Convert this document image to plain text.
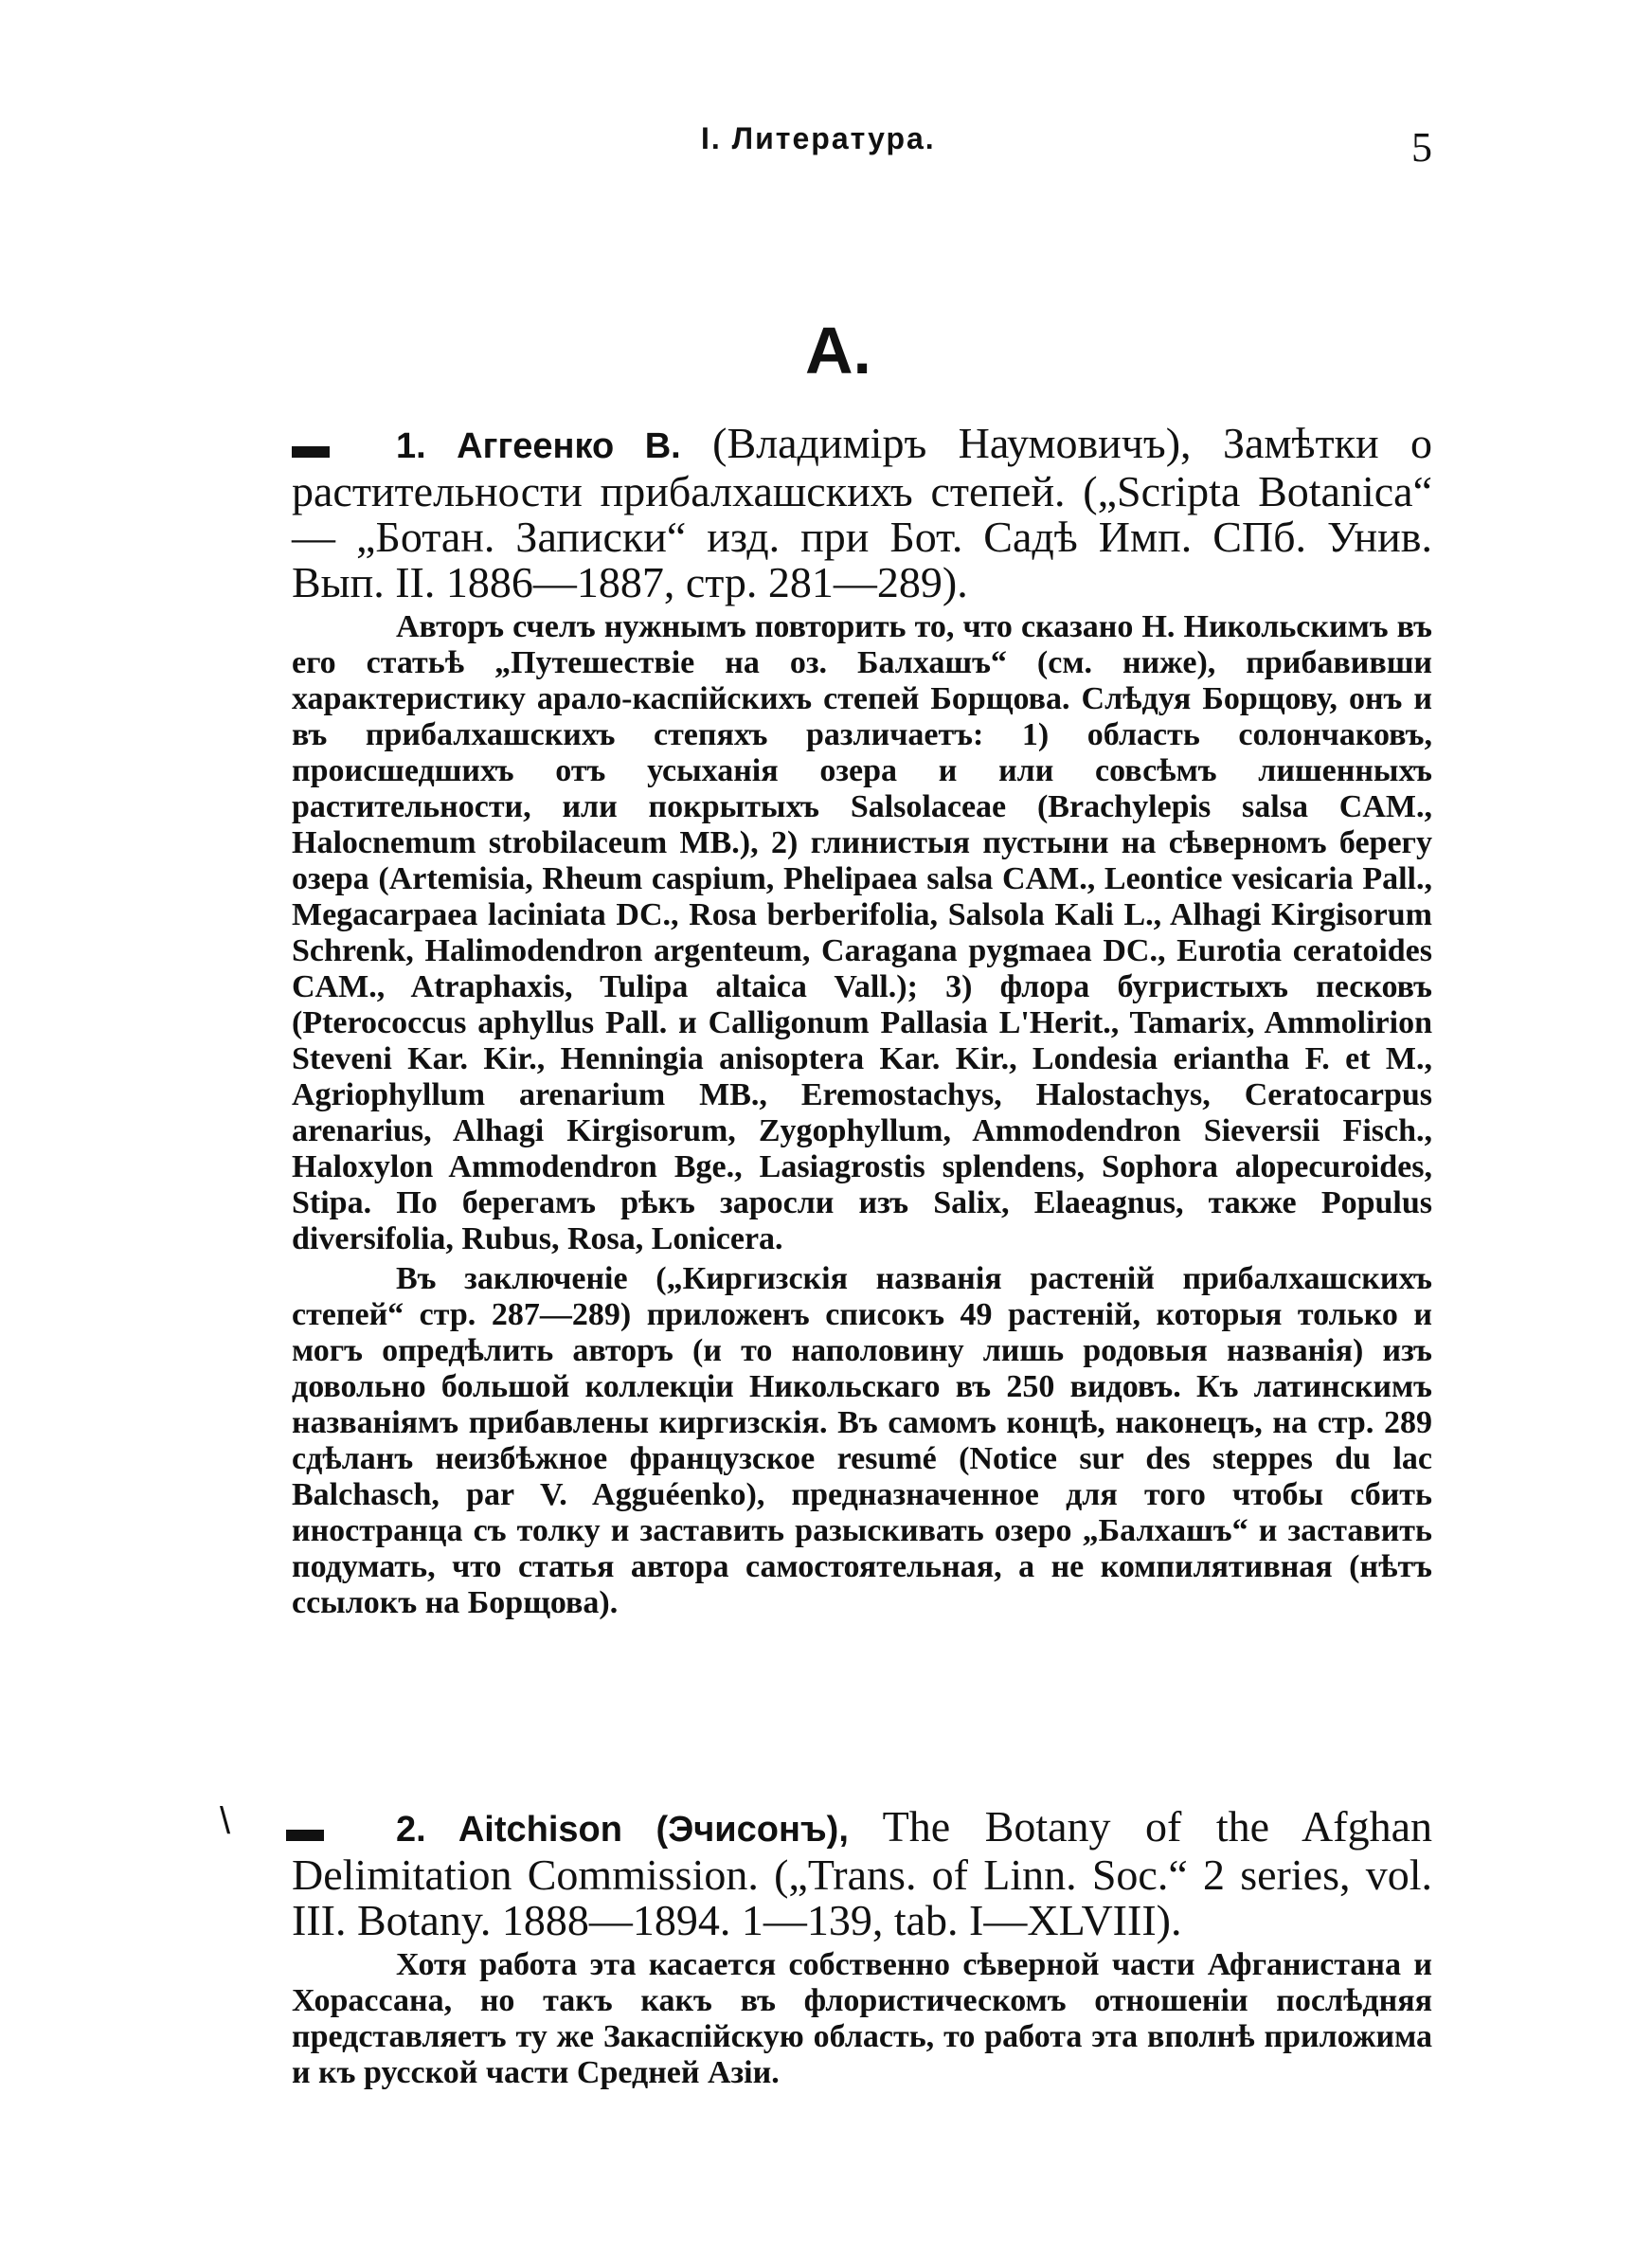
I. Литература.	5
А.
▬
\ ▬

1. Аггеенко В. (Владиміръ Наумовичъ), Замѣтки о растительности прибалхашскихъ степей. („Scripta Botanica“ — „Ботан. Записки“ изд. при Бот. Садѣ Имп. СПб. Унив. Вып. II. 1886—1887, стр. 281—289).

Авторъ счелъ нужнымъ повторить то, что сказано Н. Никольскимъ въ его статьѣ „Путешествіе на оз. Балхашъ“ (см. ниже), прибавивши характеристику арало-каспійскихъ степей Борщова. Слѣдуя Борщову, онъ и въ прибалхашскихъ степяхъ различаетъ: 1) область солончаковъ, происшедшихъ отъ усыханія озера и или совсѣмъ лишенныхъ растительности, или покрытыхъ Salsolaceae (Brachylepis salsa CAM., Halocnemum strobilaceum MB.), 2) глинистыя пустыни на сѣверномъ берегу озера (Artemisia, Rheum caspium, Phelipaea salsa CAM., Leontice vesicaria Pall., Megacarpaea laciniata DC., Rosa berberifolia, Salsola Kali L., Alhagi Kirgisorum Schrenk, Halimodendron argenteum, Caragana pygmaea DC., Eurotia ceratoides CAM., Atraphaxis, Tulipa altaica Vall.); 3) флора бугристыхъ песковъ (Pterococcus aphyllus Pall. и Calligonum Pallasia L'Herit., Tamarix, Ammolirion Steveni Kar. Kir., Henningia anisoptera Kar. Kir., Londesia eriantha F. et M., Agriophyllum arenarium MB., Eremostachys, Halostachys, Ceratocarpus arenarius, Alhagi Kirgisorum, Zygophyllum, Ammodendron Sieversii Fisch., Haloxylon Ammodendron Bge., Lasiagrostis splendens, Sophora alopecuroides, Stipa. По берегамъ рѣкъ заросли изъ Salix, Elaeagnus, также Populus diversifolia, Rubus, Rosa, Lonicera.

Въ заключеніе („Киргизскія названія растеній прибалхашскихъ степей“ стр. 287—289) приложенъ списокъ 49 растеній, которыя только и могъ опредѣлить авторъ (и то наполовину лишь родовыя названія) изъ довольно большой коллекціи Никольскаго въ 250 видовъ. Къ латинскимъ названіямъ прибавлены киргизскія. Въ самомъ концѣ, наконецъ, на стр. 289 сдѣланъ неизбѣжное французское resumé (Notice sur des steppes du lac Balchasch, par V. Agguéenko), предназначенное для того чтобы сбить иностранца съ толку и заставить разыскивать озеро „Балхашъ“ и заставить подумать, что статья автора самостоятельная, а не компилятивная (нѣтъ ссылокъ на Борщова).

2. Aitchison (Эчисонъ), The Botany of the Afghan Delimitation Commission. („Trans. of Linn. Soc.“ 2 series, vol. III. Botany. 1888—1894. 1—139, tab. I—XLVIII).

Хотя работа эта касается собственно сѣверной части Афганистана и Хорассана, но такъ какъ въ флористическомъ отношеніи послѣдняя представляетъ ту же Закаспійскую область, то работа эта вполнѣ приложима и къ русской части Средней Азіи.
